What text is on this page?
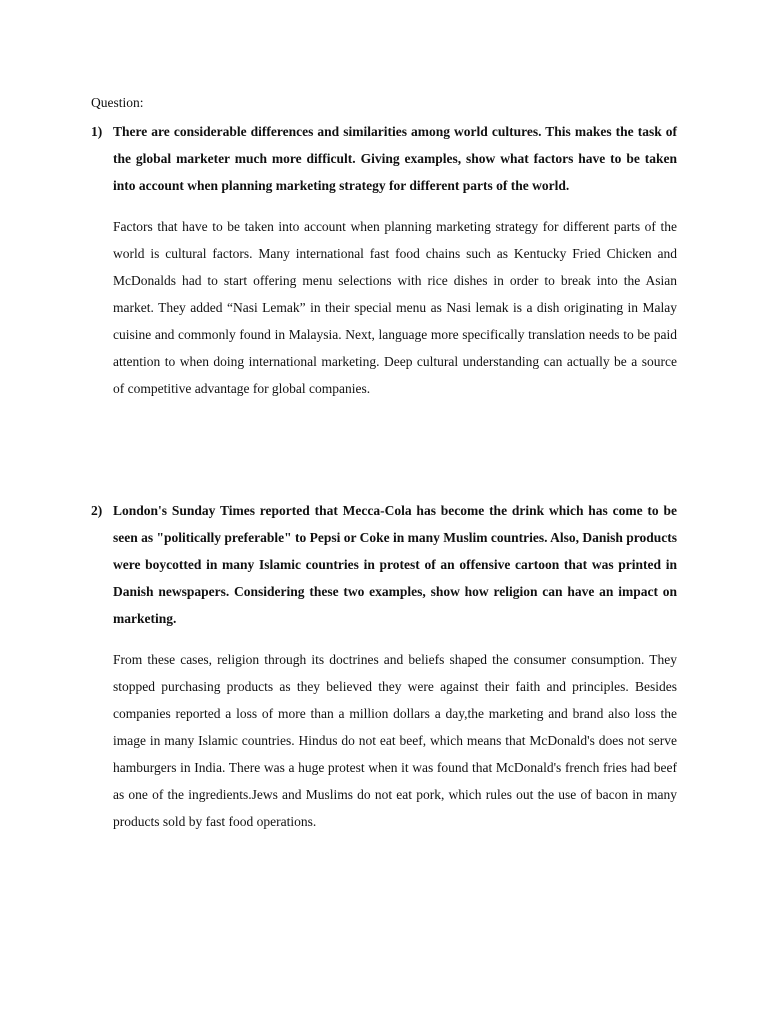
Question:
1) There are considerable differences and similarities among world cultures. This makes the task of the global marketer much more difficult. Giving examples, show what factors have to be taken into account when planning marketing strategy for different parts of the world.
Factors that have to be taken into account when planning marketing strategy for different parts of the world is cultural factors. Many international fast food chains such as Kentucky Fried Chicken and McDonalds had to start offering menu selections with rice dishes in order to break into the Asian market. They added “Nasi Lemak” in their special menu as Nasi lemak is a dish originating in Malay cuisine and commonly found in Malaysia. Next, language more specifically translation needs to be paid attention to when doing international marketing. Deep cultural understanding can actually be a source of competitive advantage for global companies.
2) London's Sunday Times reported that Mecca-Cola has become the drink which has come to be seen as "politically preferable" to Pepsi or Coke in many Muslim countries. Also, Danish products were boycotted in many Islamic countries in protest of an offensive cartoon that was printed in Danish newspapers. Considering these two examples, show how religion can have an impact on marketing.
From these cases, religion through its doctrines and beliefs shaped the consumer consumption. They stopped purchasing products as they believed they were against their faith and principles. Besides companies reported a loss of more than a million dollars a day,the marketing and brand also loss the image in many Islamic countries. Hindus do not eat beef, which means that McDonald's does not serve hamburgers in India. There was a huge protest when it was found that McDonald's french fries had beef as one of the ingredients.Jews and Muslims do not eat pork, which rules out the use of bacon in many products sold by fast food operations.
